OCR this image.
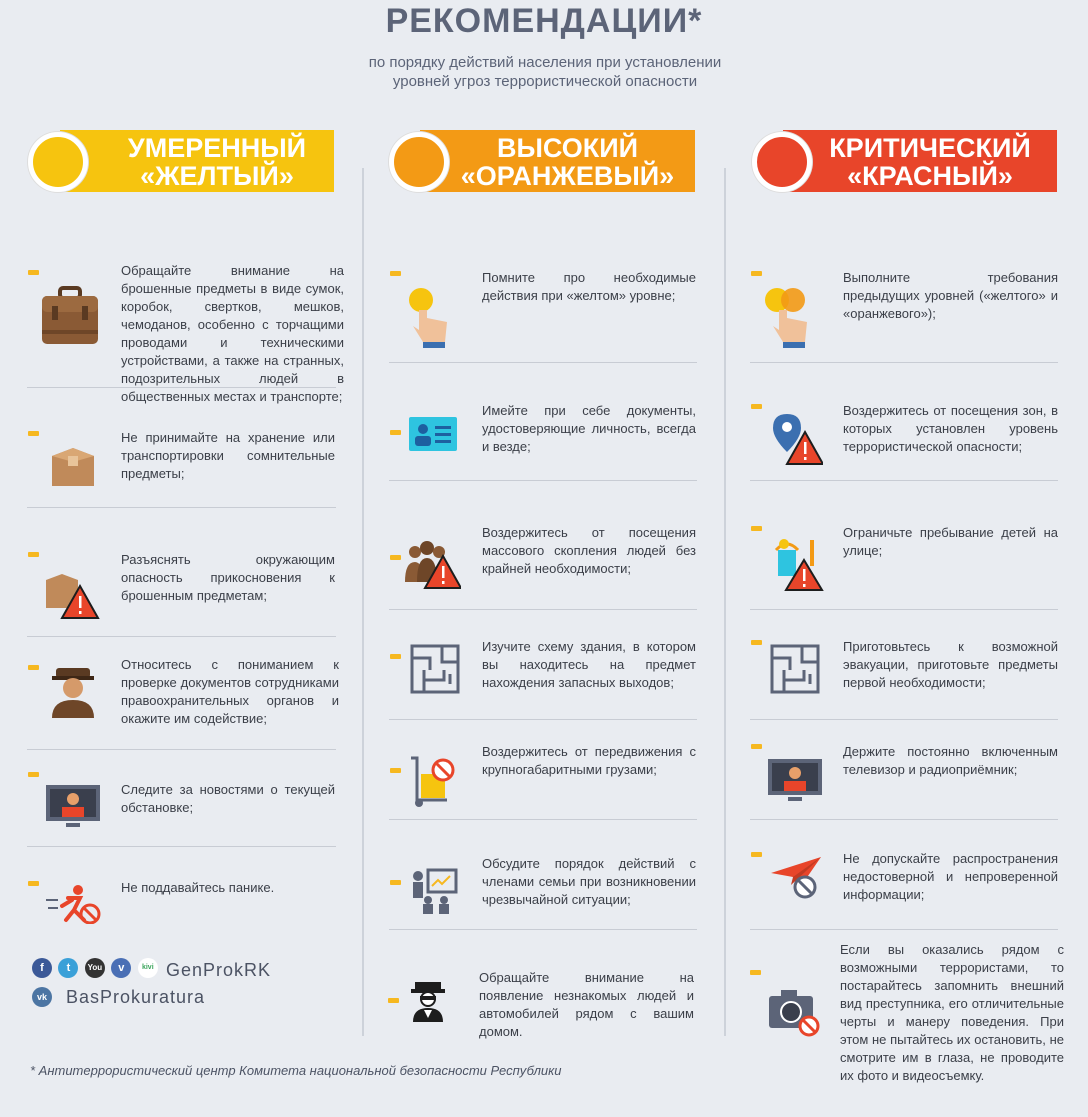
РЕКОМЕНДАЦИИ*
по порядку действий населения при установлении
уровней угроз террористической опасности
УМЕРЕННЫЙ
«ЖЕЛТЫЙ»
ВЫСОКИЙ
«ОРАНЖЕВЫЙ»
КРИТИЧЕСКИЙ
«КРАСНЫЙ»
Обращайте внимание на брошенные предметы в виде сумок, коробок, свертков, мешков, чемоданов, особенно с торчащими проводами и техническими устройствами, а также на странных, подозрительных людей в общественных местах и транспорте;
Не принимайте на хранение или транспортировки сомнительные предметы;
Разъяснять окружающим опасность прикосновения к брошенным предметам;
Относитесь с пониманием к проверке документов сотрудниками правоохранительных органов и окажите им содействие;
Следите за новостями о текущей обстановке;
Не поддавайтесь панике.
Помните про необходимые действия при «желтом» уровне;
Имейте при себе документы, удостоверяющие личность, всегда и везде;
Воздержитесь от посещения массового скопления людей без крайней необходимости;
Изучите схему здания, в котором вы находитесь на предмет нахождения запасных выходов;
Воздержитесь от передвижения с крупногабаритными грузами;
Обсудите порядок действий с членами семьи при возникновении чрезвычайной ситуации;
Обращайте внимание на появление незнакомых людей и автомобилей рядом с вашим домом.
Выполните требования предыдущих уровней («желтого» и «оранжевого»);
Воздержитесь от посещения зон, в которых установлен уровень террористической опасности;
Ограничьте пребывание детей на улице;
Приготовьтесь к возможной эвакуации, приготовьте предметы первой необходимости;
Держите постоянно включенным телевизор и радиоприёмник;
Не допускайте распространения недостоверной и непроверенной информации;
Если вы оказались рядом с возможными террористами, то постарайтесь запомнить внешний вид преступника, его отличительные черты и манеру поведения. При этом не пытайтесь их остановить, не смотрите им в глаза, не проводите их фото и видеосъемку.
f t You v	kivi GenProkRK
vk BasProkuratura
* Антитеррористический центр Комитета национальной безопасности Республики
